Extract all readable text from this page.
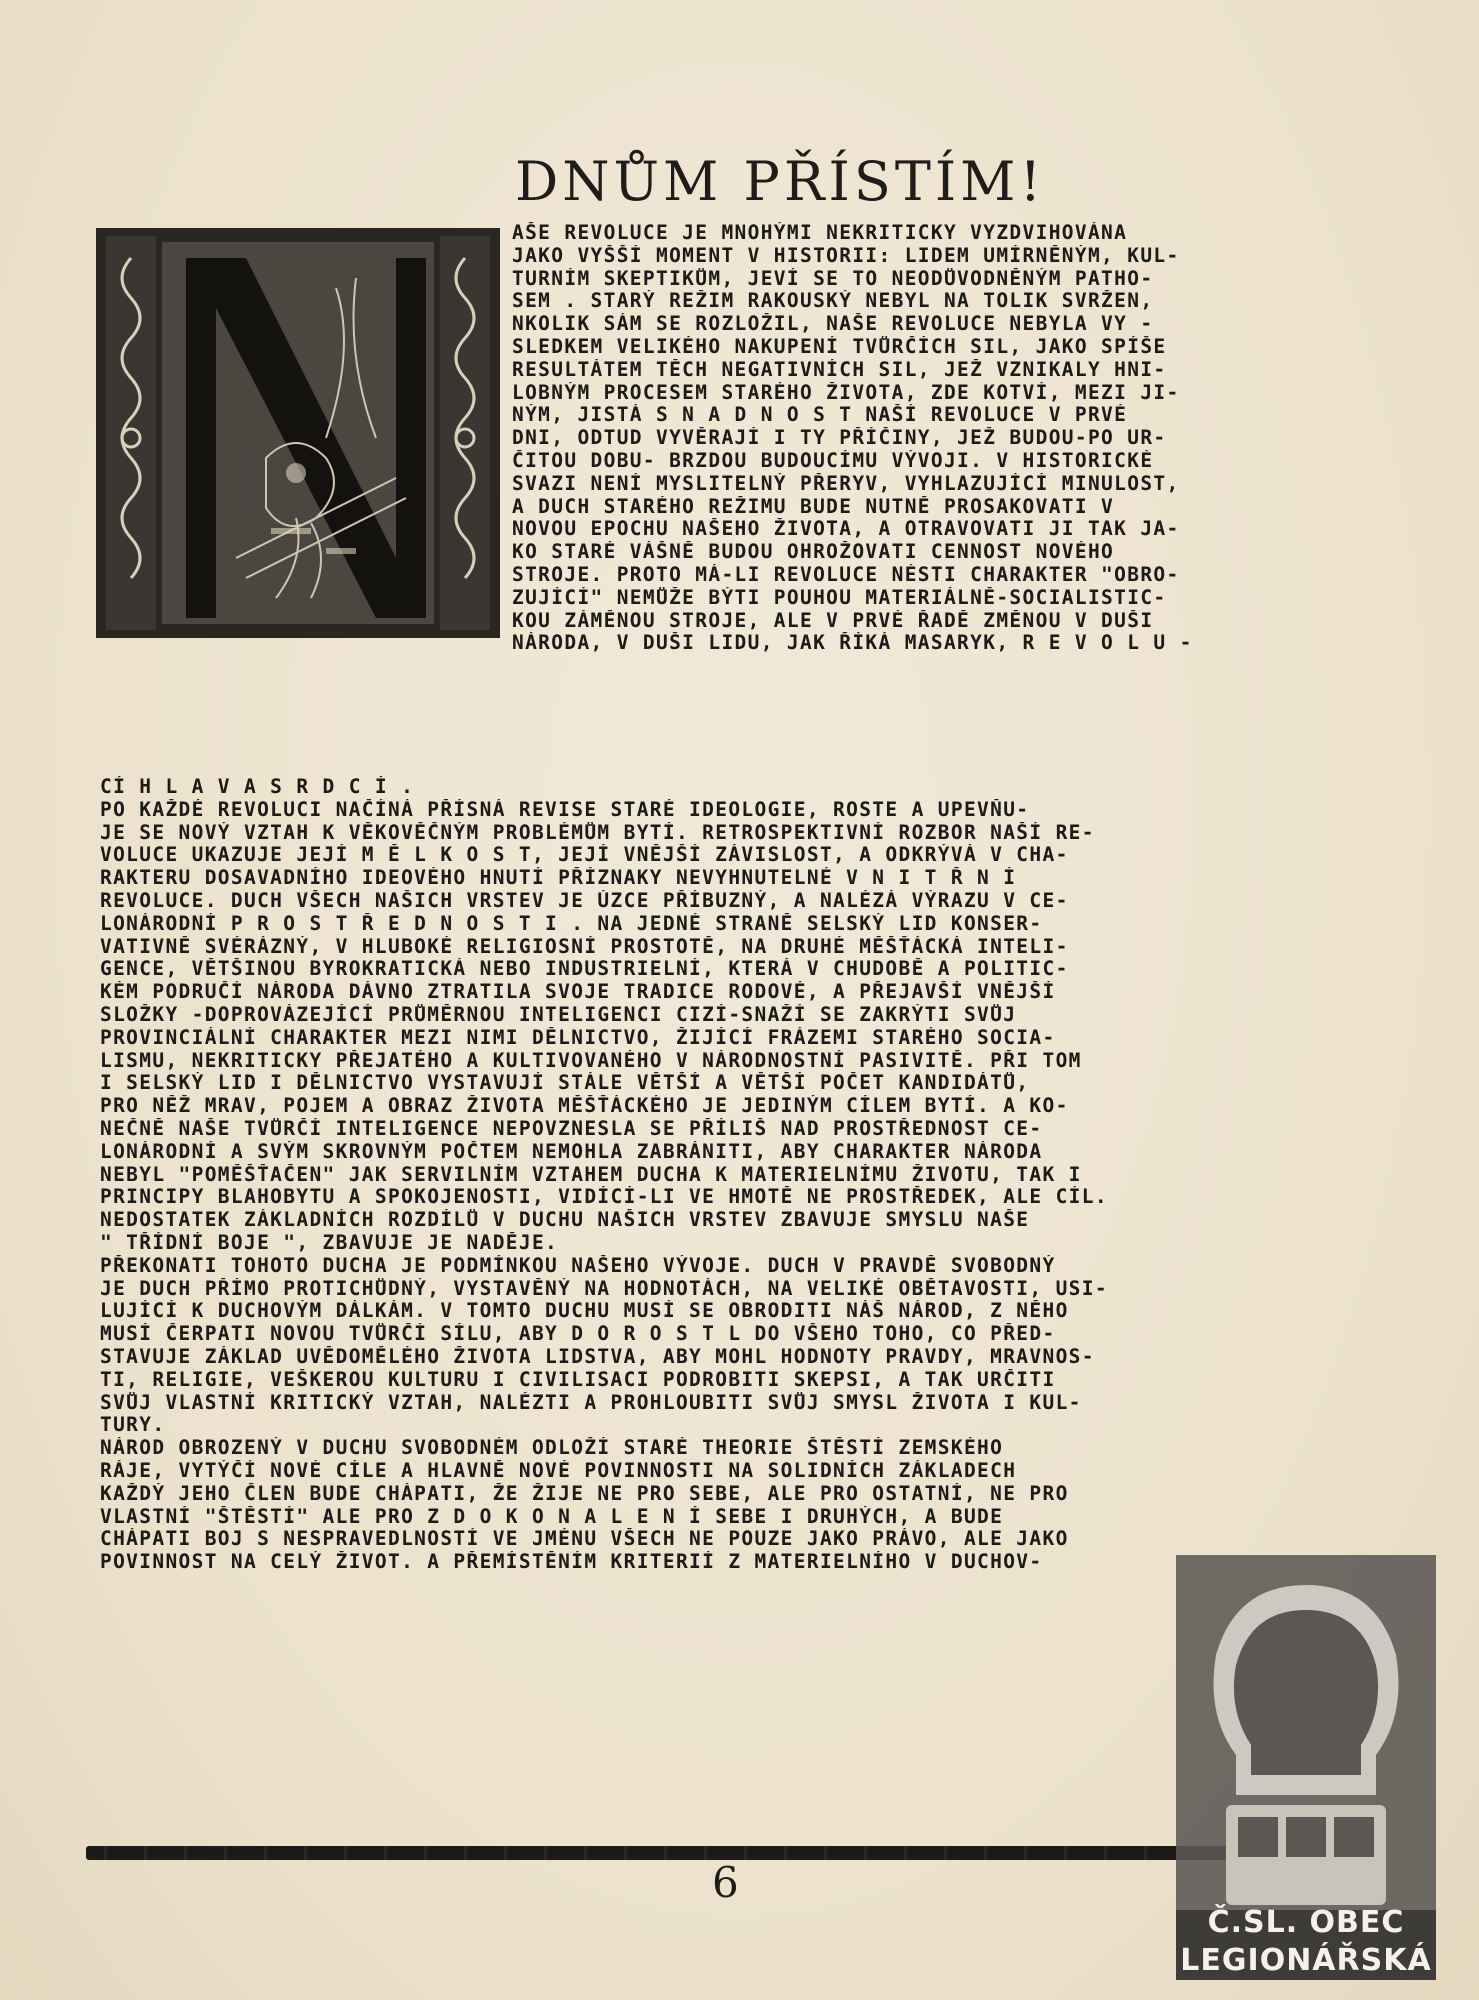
DNŮM PŘÍSTÍM!
AŠE REVOLUCE JE MNOHÝMI NEKRITICKY VYZDVIHOVÁNA
JAKO VYŠŠÍ MOMENT V HISTORII: LIDEM UMÍRNĚNÝM, KUL-
TURNÍM SKEPTIKŮM, JEVÍ SE TO NEODŮVODNĚNÝM PATHO-
SEM . STARÝ REŽIM RAKOUSKÝ NEBYL NA TOLIK SVRŽEN,
NKOLIK SÁM SE ROZLOŽIL, NAŠE REVOLUCE NEBYLA VY -
SLEDKEM VELIKÉHO NAKUPENÍ TVŮRČÍCH SIL, JAKO SPÍŠE
RESULTÁTEM TĚCH NEGATIVNÍCH SIL, JEŽ VZNIKALY HNI-
LOBNÝM PROCESEM STARÉHO ŽIVOTA, ZDE KOTVÍ, MEZI JI-
NÝM, JISTÁ S N A D N O S T NAŠÍ REVOLUCE V PRVÉ
DNI, ODTUD VYVĚRAJÍ I TY PŘÍČINY, JEŽ BUDOU-PO UR-
ČITOU DOBU- BRZDOU BUDOUCÍMU VÝVOJI. V HISTORICKÉ
SVAZI NENÍ MYSLITELNÝ PŘERYV, VYHLAZUJÍCÍ MINULOST,
A DUCH STARÉHO REŽIMU BUDE NUTNĚ PROSAKOVATI V
NOVOU EPOCHU NAŠEHO ŽIVOTA, A OTRAVOVATI JI TAK JA-
KO STARÉ VÁŠNĚ BUDOU OHROŽOVATI CENNOST NOVÉHO
STROJE. PROTO MÁ-LI REVOLUCE NÉSTI CHARAKTER "OBRO-
ZUJÍCÍ" NEMŮŽE BÝTI POUHOU MATERIÁLNĚ-SOCIALISTIC-
KOU ZÁMĚNOU STROJE, ALE V PRVÉ ŘADĚ ZMĚNOU V DUŠI
NÁRODA, V DUŠI LIDU, JAK ŘÍKÁ MASARYK, R E V O L U -
CÍ H L A V A S R D C Í .
PO KAŽDÉ REVOLUCI NAČÍNÁ PŘÍSNÁ REVISE STARÉ IDEOLOGIE, ROSTE A UPEVŇU-
JE SE NOVÝ VZTAH K VĚKOVĚČNÝM PROBLÉMŮM BYTÍ. RETROSPEKTIVNÍ ROZBOR NAŠÍ RE-
VOLUCE UKAZUJE JEJÍ M Ě L K O S T, JEJÍ VNĚJŠÍ ZÁVISLOST, A ODKRÝVÁ V CHA-
RAKTERU DOSAVADNÍHO IDEOVÉHO HNUTÍ PŘÍZNAKY NEVYHNUTELNÉ V N I T Ř N Í
REVOLUCE. DUCH VŠECH NAŠICH VRSTEV JE ÚZCE PŘÍBUZNÝ, A NALÉZÁ VÝRAZU V CE-
LONÁRODNÍ P R O S T Ř E D N O S T I . NA JEDNÉ STRANĚ SELSKÝ LID KONSER-
VATIVNĚ SVÉRÁZNÝ, V HLUBOKÉ RELIGIOSNÍ PROSTOTĚ, NA DRUHÉ MĚŠŤÁCKÁ INTELI-
GENCE, VĚTŠINOU BYROKRATICKÁ NEBO INDUSTRIELNÍ, KTERÁ V CHUDOBĚ A POLITIC-
KÉM PODRUČÍ NÁRODA DÁVNO ZTRATILA SVOJE TRADICE RODOVÉ, A PŘEJAVŠÍ VNĚJŠÍ
SLOŽKY -DOPROVÁZEJÍCÍ PRŮMĚRNOU INTELIGENCI CIZÍ-SNAŽÍ SE ZAKRÝTI SVŮJ
PROVINCIÁLNÍ CHARAKTER MEZI NIMI DĚLNICTVO, ŽIJÍCÍ FRÁZEMI STARÉHO SOCIA-
LISMU, NEKRITICKY PŘEJATÉHO A KULTIVOVANÉHO V NÁRODNOSTNÍ PASIVITĚ. PŘI TOM
I SELSKÝ LID I DĚLNICTVO VYSTAVUJÍ STÁLE VĚTŠÍ A VĚTŠÍ POČET KANDIDÁTŮ,
PRO NĚŽ MRAV, POJEM A OBRAZ ŽIVOTA MĚŠŤÁCKÉHO JE JEDINÝM CÍLEM BYTÍ. A KO-
NEČNĚ NAŠE TVŮRČÍ INTELIGENCE NEPOVZNESLA SE PŘÍLIŠ NAD PROSTŘEDNOST CE-
LONÁRODNÍ A SVÝM SKROVNÝM POČTEM NEMOHLA ZABRÁNITI, ABY CHARAKTER NÁRODA
NEBYL "POMĚŠŤAČEN" JAK SERVILNÍM VZTAHEM DUCHA K MATERIELNÍMU ŽIVOTU, TAK I
PRINCIPY BLAHOBYTU A SPOKOJENOSTI, VIDÍCÍ-LI VE HMOTĚ NE PROSTŘEDEK, ALE CÍL.
NEDOSTATEK ZÁKLADNÍCH ROZDÍLŮ V DUCHU NAŠICH VRSTEV ZBAVUJE SMYSLU NAŠE
" TŘÍDNÍ BOJE ", ZBAVUJE JE NADĚJE.
PŘEKONATI TOHOTO DUCHA JE PODMÍNKOU NAŠEHO VÝVOJE. DUCH V PRAVDĚ SVOBODNÝ
JE DUCH PŘÍMO PROTICHŮDNÝ, VYSTAVĚNÝ NA HODNOTÁCH, NA VELIKÉ OBĚTAVOSTI, USI-
LUJÍCÍ K DUCHOVÝM DÁLKÁM. V TOMTO DUCHU MUSÍ SE OBRODITI NÁŠ NÁROD, Z NĚHO
MUSÍ ČERPATI NOVOU TVŮRČÍ SÍLU, ABY D O R O S T L DO VŠEHO TOHO, CO PŘED-
STAVUJE ZÁKLAD UVĚDOMĚLÉHO ŽIVOTA LIDSTVA, ABY MOHL HODNOTY PRAVDY, MRAVNOS-
TI, RELIGIE, VEŠKEROU KULTURU I CIVILISACI PODROBITI SKEPSI, A TAK URČITI
SVŮJ VLASTNÍ KRITICKÝ VZTAH, NALÉZTI A PROHLOUBITI SVŮJ SMYSL ŽIVOTA I KUL-
TURY.
NÁROD OBROZENÝ V DUCHU SVOBODNÉM ODLOŽÍ STARÉ THEORIE ŠTĚSTÍ ZEMSKÉHO
RÁJE, VYTÝČÍ NOVÉ CÍLE A HLAVNĚ NOVÉ POVINNOSTI NA SOLIDNÍCH ZÁKLADECH
KAŽDÝ JEHO ČLEN BUDE CHÁPATI, ŽE ŽIJE NE PRO SEBE, ALE PRO OSTATNÍ, NE PRO
VLASTNÍ "ŠTĚSTÍ" ALE PRO Z D O K O N A L E N Í SEBE I DRUHÝCH, A BUDE
CHÁPATI BOJ S NESPRAVEDLNOSTÍ VE JMÉNU VŠECH NE POUZE JAKO PRÁVO, ALE JAKO
POVINNOST NA CELÝ ŽIVOT. A PŘEMÍSTĚNÍM KRITERIÍ Z MATERIELNÍHO V DUCHOV-
6
Č.SL. OBEC
LEGIONÁŘSKÁ
